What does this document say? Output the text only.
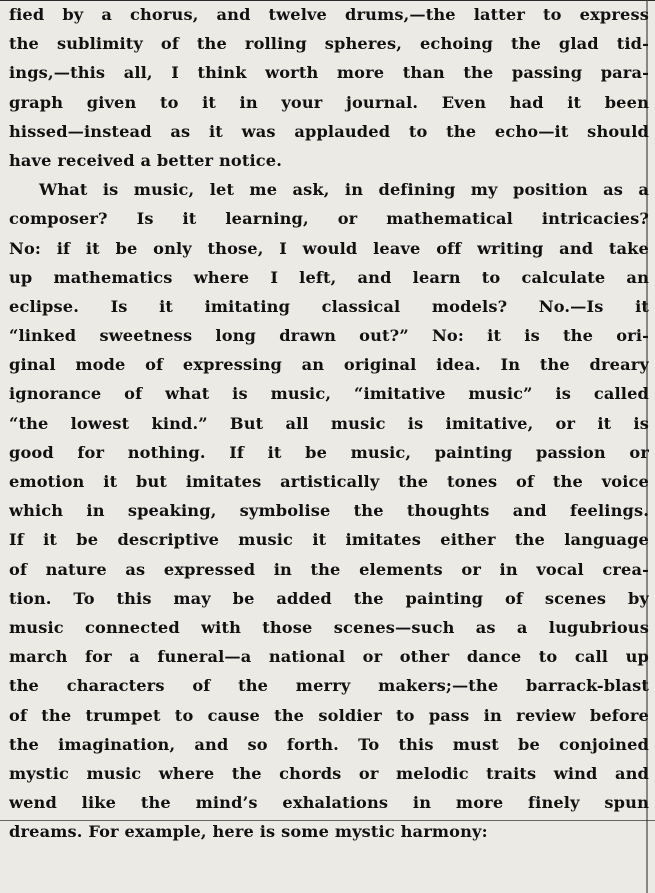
fied by a chorus, and twelve drums,—the latter to express
the sublimity of the rolling spheres, echoing the glad tid-
ings,—this all, I think worth more than the passing para-
graph given to it in your journal. Even had it been
hissed—instead as it was applauded to the echo—it should
have received a better notice.
What is music, let me ask, in defining my position as a
composer? Is it learning, or mathematical intricacies?
No: if it be only those, I would leave off writing and take
up mathematics where I left, and learn to calculate an
eclipse. Is it imitating classical models? No.—Is it
“linked sweetness long drawn out?” No: it is the ori-
ginal mode of expressing an original idea. In the dreary
ignorance of what is music, “imitative music” is called
“the lowest kind.” But all music is imitative, or it is
good for nothing. If it be music, painting passion or
emotion it but imitates artistically the tones of the voice
which in speaking, symbolise the thoughts and feelings.
If it be descriptive music it imitates either the language
of nature as expressed in the elements or in vocal crea-
tion. To this may be added the painting of scenes by
music connected with those scenes—such as a lugubrious
march for a funeral—a national or other dance to call up
the characters of the merry makers;—the barrack-blast
of the trumpet to cause the soldier to pass in review before
the imagination, and so forth. To this must be conjoined
mystic music where the chords or melodic traits wind and
wend like the mind’s exhalations in more finely spun
dreams. For example, here is some mystic harmony:
